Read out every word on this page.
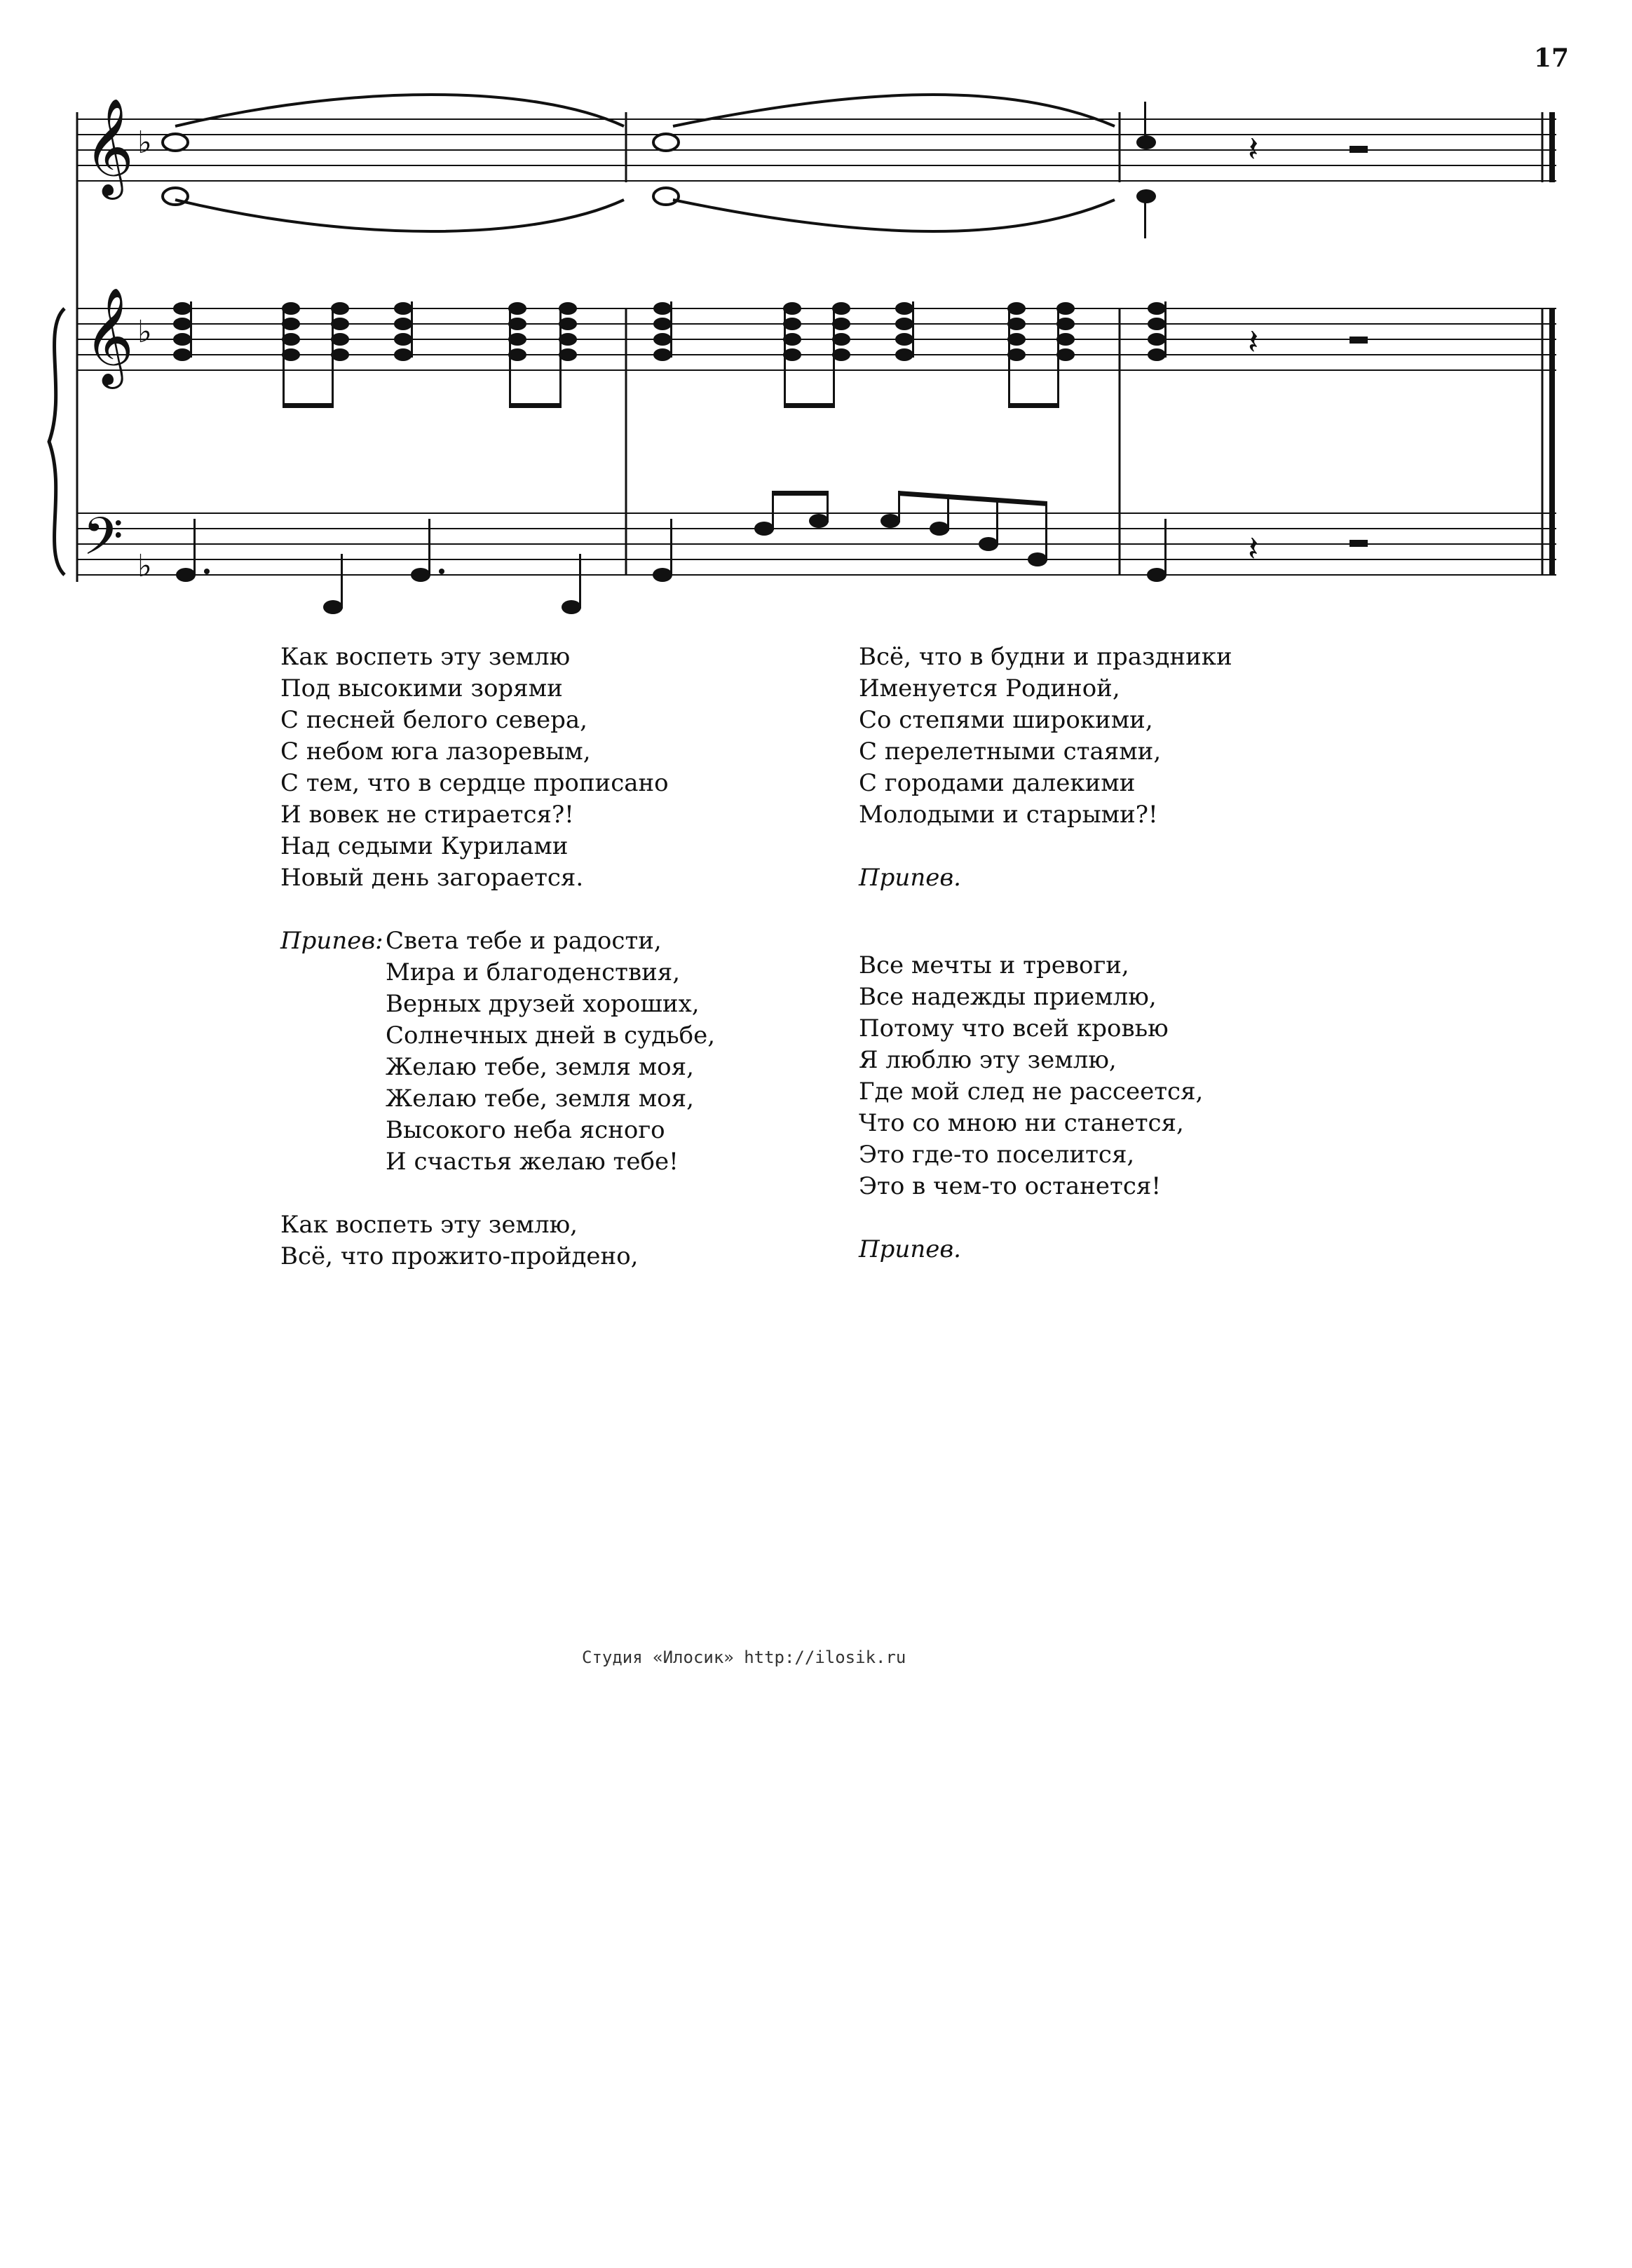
17
𝄞
𝄞
𝄢
♭
♭
♭
𝄽
𝄽
𝄽
Как воспеть эту землю
Под высокими зорями
С песней белого севера,
С небом юга лазоревым,
С тем, что в сердце прописано
И вовек не стирается?!
Над седыми Курилами
Новый день загорается.
Припев: Света тебе и радости,
Мира и благоденствия,
Верных друзей хороших,
Солнечных дней в судьбе,
Желаю тебе, земля моя,
Желаю тебе, земля моя,
Высокого неба ясного
И счастья желаю тебе!
Как воспеть эту землю,
Всё, что прожито-пройдено,
Всё, что в будни и праздники
Именуется Родиной,
Со степями широкими,
С перелетными стаями,
С городами далекими
Молодыми и старыми?!
Припев.
Все мечты и тревоги,
Все надежды приемлю,
Потому что всей кровью
Я люблю эту землю,
Где мой след не рассеется,
Что со мною ни станется,
Это где-то поселится,
Это в чем-то останется!
Припев.
Студия «Илосик» http://ilosik.ru
